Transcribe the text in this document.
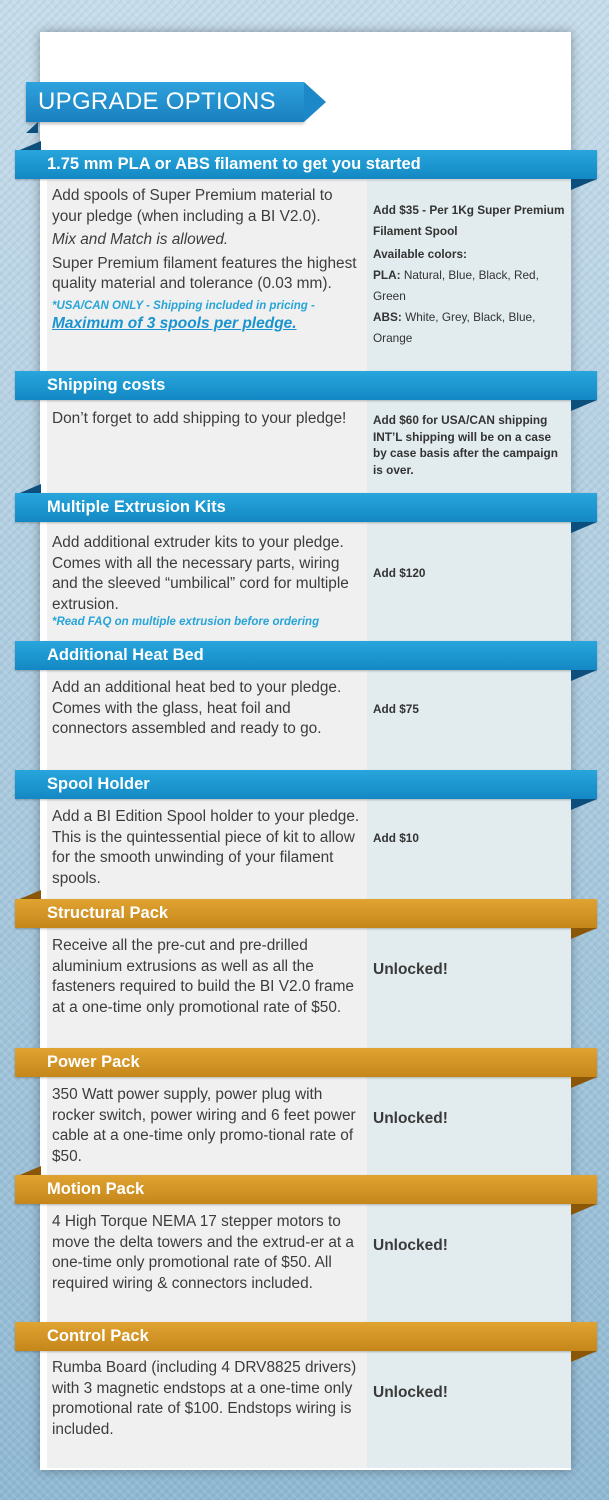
UPGRADE OPTIONS
1.75 mm PLA or ABS filament to get you started

Add spools of Super Premium material to your pledge (when including a BI V2.0).

Mix and Match is allowed.

Super Premium filament features the highest quality material and tolerance (0.03 mm).

*USA/CAN ONLY - Shipping included in pricing -

Maximum of 3 spools per pledge.

Add $35 - Per 1Kg Super Premium Filament Spool
Available colors:
PLA: Natural, Blue, Black, Red, Green
ABS: White, Grey, Black, Blue, Orange
Shipping costs
Don’t forget to add shipping to your pledge!	Add $60 for USA/CAN shipping INT’L shipping will be on a case by case basis after the campaign is over.
Multiple Extrusion Kits

Add additional extruder kits to your pledge. Comes with all the necessary parts, wiring and the sleeved “umbilical” cord for multiple extrusion.

*Read FAQ on multiple extrusion before ordering

Add $120
Additional Heat Bed
Add an additional heat bed to your pledge. Comes with the glass, heat foil and connectors assembled and ready to go.
Add $75
Spool Holder
Add a BI Edition Spool holder to your pledge. This is the quintessential piece of kit to allow for the smooth unwinding of your filament spools.
Add $10
Structural Pack
Receive all the pre-cut and pre-drilled aluminium extrusions as well as all the fasteners required to build the BI V2.0 frame at a one-time only promotional rate of $50.
Unlocked!
Power Pack
350 Watt power supply, power plug with rocker switch, power wiring and 6 feet power cable at a one-time only promo-tional rate of $50.
Unlocked!
Motion Pack
4 High Torque NEMA 17 stepper motors to move the delta towers and the extrud-er at a one-time only promotional rate of $50. All required wiring & connectors included.
Unlocked!
Control Pack
Rumba Board (including 4 DRV8825 drivers) with 3 magnetic endstops at a one-time only promotional rate of $100. Endstops wiring is included.
Unlocked!
